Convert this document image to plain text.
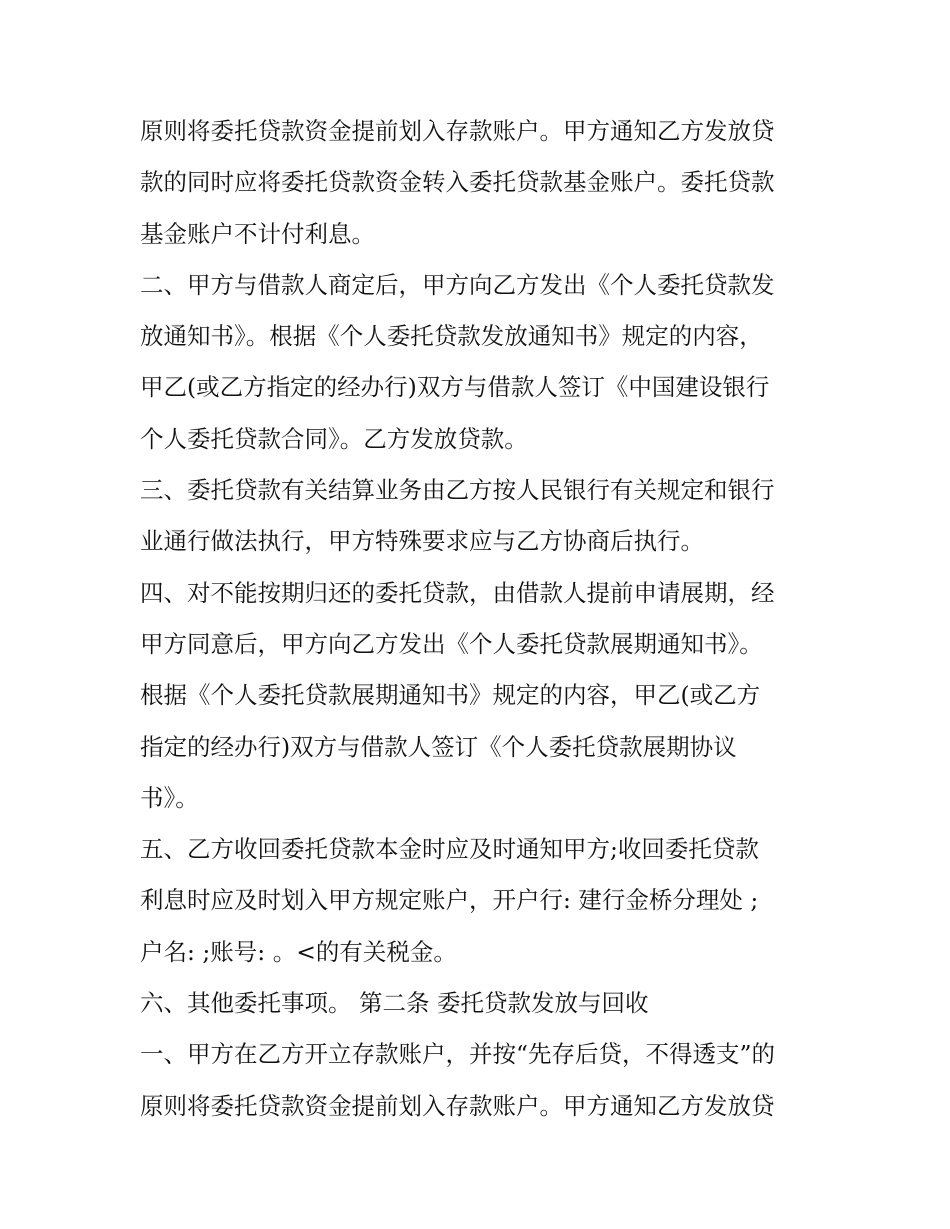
原则将委托贷款资金提前划入存款账户。甲方通知乙方发放贷
款的同时应将委托贷款资金转入委托贷款基金账户。委托贷款
基金账户不计付利息。
二、甲方与借款人商定后，甲方向乙方发出《个人委托贷款发
放通知书》。根据《个人委托贷款发放通知书》规定的内容，
甲乙(或乙方指定的经办行)双方与借款人签订《中国建设银行
个人委托贷款合同》。乙方发放贷款。
三、委托贷款有关结算业务由乙方按人民银行有关规定和银行
业通行做法执行，甲方特殊要求应与乙方协商后执行。
四、对不能按期归还的委托贷款，由借款人提前申请展期，经
甲方同意后，甲方向乙方发出《个人委托贷款展期通知书》。
根据《个人委托贷款展期通知书》规定的内容，甲乙(或乙方
指定的经办行)双方与借款人签订《个人委托贷款展期协议
书》。
五、乙方收回委托贷款本金时应及时通知甲方;收回委托贷款
利息时应及时划入甲方规定账户，开户行: 建行金桥分理处 ;
户名: ;账号: 。<的有关税金。
六、其他委托事项。 第二条 委托贷款发放与回收
一、甲方在乙方开立存款账户，并按“先存后贷，不得透支”的
原则将委托贷款资金提前划入存款账户。甲方通知乙方发放贷
